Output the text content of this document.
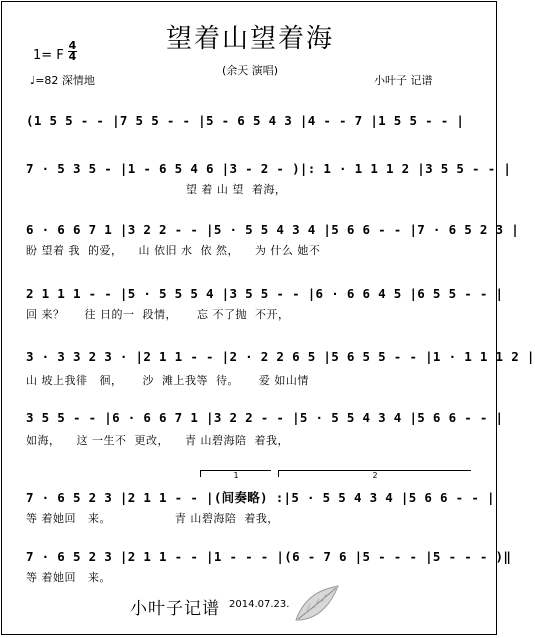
望着山望着海
(余天 演唱)
1= F
4
4
♩=82 深情地	小叶子 记谱
(1 5 5 - - |7 5 5 - - |5 - 6 5 4 3 |4 - - 7 |1 5 5 - - |
7 · 5 3 5 - |1 - 6 5 4 6 |3 - 2 - )|: 1 · 1 1 1 2 |3 5 5 - - |
望 着 山 望  着海，
6 · 6 6 7 1 |3 2 2 - - |5 · 5 5 4 3 4 |5 6 6 - - |7 · 6 5 2 3 |
盼 望着 我  的爱，    山 依旧 水  依 然，    为 什么 她不
2 1 1 1 - - |5 · 5 5 5 4 |3 5 5 - - |6 · 6 6 4 5 |6 5 5 - - |
回 来？     往 日的一  段情，     忘 不了抛  不开，
3 · 3 3 2 3 · |2 1 1 - - |2 · 2 2 6 5 |5 6 5 5 - - |1 · 1 1 1 2 |
山 坡上我徘   徊，     沙  滩上我等  待。     爱 如山情
3 5 5 - - |6 · 6 6 7 1 |3 2 2 - - |5 · 5 5 4 3 4 |5 6 6 - - |
如海，    这 一生不  更改，    青 山碧海陪  着我，
1	2
7 · 6 5 2 3 |2 1 1 - - |(间奏略) :|5 · 5 5 4 3 4 |5 6 6 - - |
等 着她回   来。                青 山碧海陪  着我，
7 · 6 5 2 3 |2 1 1 - - |1 - - - |(6 - 7 6 |5 - - - |5 - - - )‖
等 着她回   来。
小叶子记谱 2014.07.23.
